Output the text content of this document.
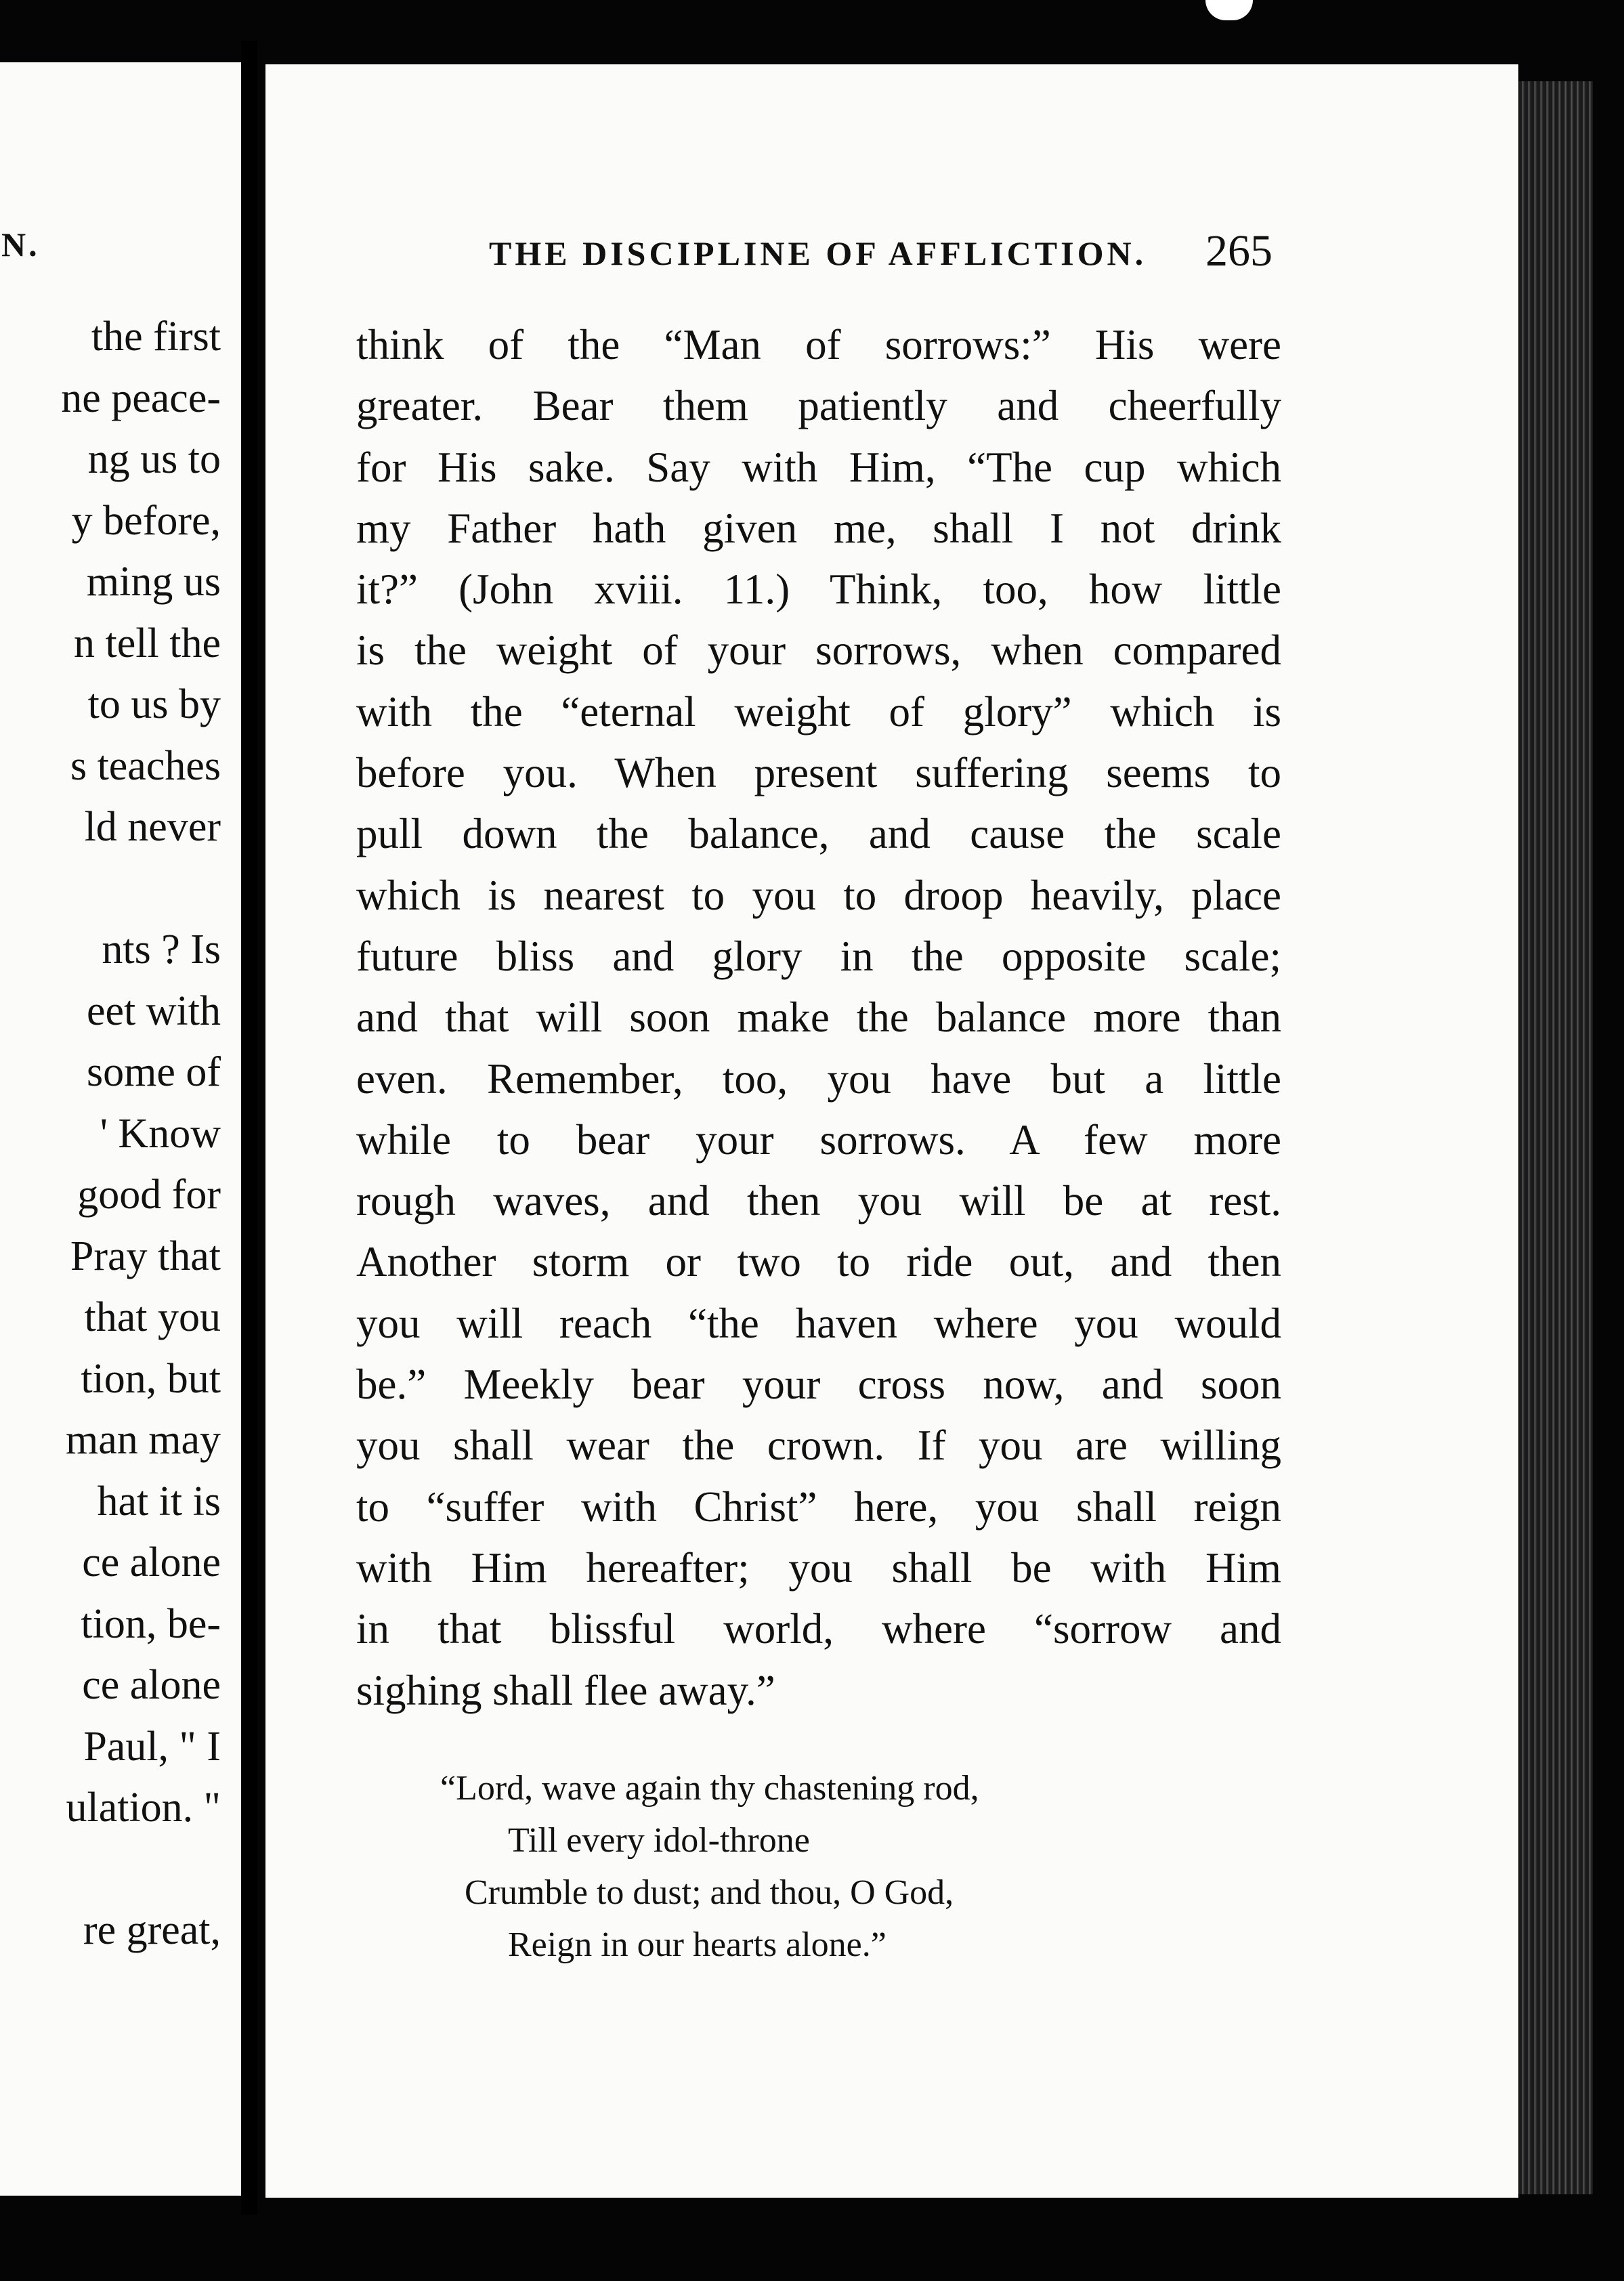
N.
the first
ne peace-
ng us to
y before,
ming us
n tell the
to us by
s teaches
ld never

nts ? Is
eet with
some of
' Know
good for
Pray that
that you
tion, but
man may
hat it is
ce alone
tion, be-
ce alone
Paul, " I
ulation. "

re great,
THE DISCIPLINE OF AFFLICTION. 265
think of the “Man of sorrows:” His were
greater. Bear them patiently and cheerfully
for His sake. Say with Him, “The cup which
my Father hath given me, shall I not drink
it?” (John xviii. 11.) Think, too, how little
is the weight of your sorrows, when compared
with the “eternal weight of glory” which is
before you. When present suffering seems to
pull down the balance, and cause the scale
which is nearest to you to droop heavily, place
future bliss and glory in the opposite scale;
and that will soon make the balance more than
even. Remember, too, you have but a little
while to bear your sorrows. A few more
rough waves, and then you will be at rest.
Another storm or two to ride out, and then
you will reach “the haven where you would
be.” Meekly bear your cross now, and soon
you shall wear the crown. If you are willing
to “suffer with Christ” here, you shall reign
with Him hereafter; you shall be with Him
in that blissful world, where “sorrow and
sighing shall flee away.”
“Lord, wave again thy chastening rod,
Till every idol-throne
Crumble to dust; and thou, O God,
Reign in our hearts alone.”
